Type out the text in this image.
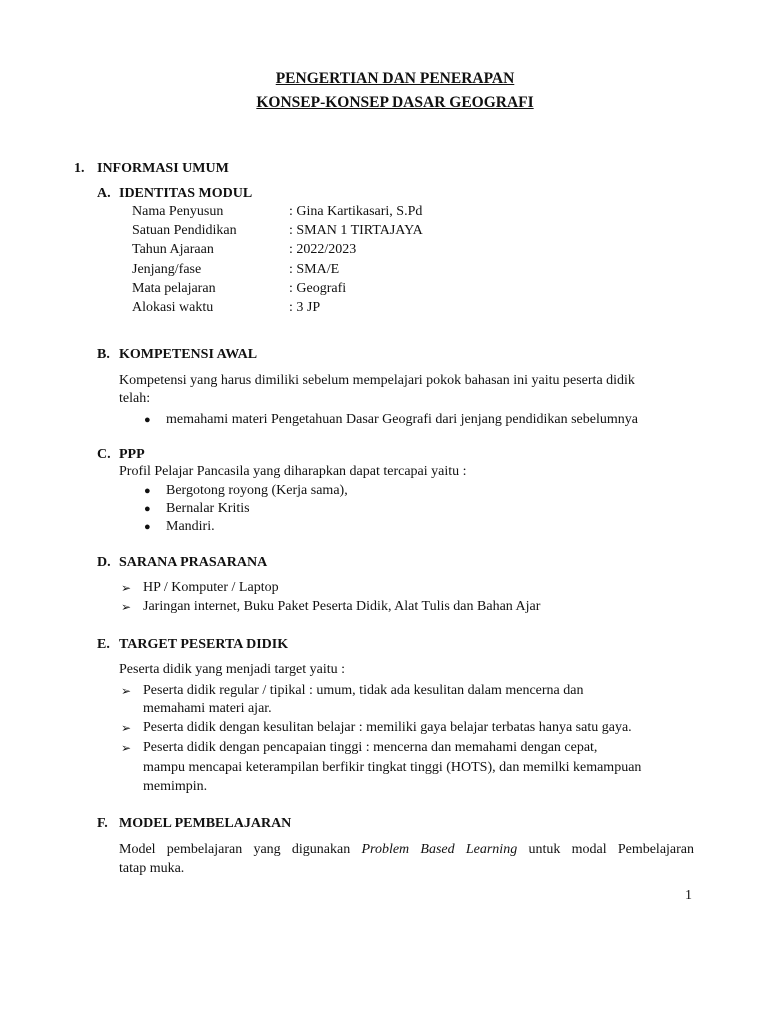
PENGERTIAN DAN PENERAPAN
KONSEP-KONSEP DASAR GEOGRAFI
1. INFORMASI UMUM
A. IDENTITAS MODUL
Nama Penyusun	: Gina Kartikasari, S.Pd
Satuan Pendidikan	: SMAN 1 TIRTAJAYA
Tahun Ajaraan	: 2022/2023
Jenjang/fase	: SMA/E
Mata pelajaran	: Geografi
Alokasi waktu	: 3 JP
B. KOMPETENSI AWAL
Kompetensi yang harus dimiliki sebelum mempelajari pokok bahasan ini yaitu peserta didik
telah:
● memahami materi Pengetahuan Dasar Geografi dari jenjang pendidikan sebelumnya
C. PPP
Profil Pelajar Pancasila yang diharapkan dapat tercapai yaitu :
● Bergotong royong (Kerja sama),
● Bernalar Kritis
● Mandiri.
D. SARANA PRASARANA
➢ HP / Komputer / Laptop
➢ Jaringan internet, Buku Paket Peserta Didik, Alat Tulis dan Bahan Ajar
E. TARGET PESERTA DIDIK
Peserta didik yang menjadi target yaitu :
➢ Peserta didik regular / tipikal : umum, tidak ada kesulitan dalam mencerna dan
memahami materi ajar.
➢ Peserta didik dengan kesulitan belajar : memiliki gaya belajar terbatas hanya satu gaya.
➢ Peserta didik dengan pencapaian tinggi : mencerna dan memahami dengan cepat,
mampu mencapai keterampilan berfikir tingkat tinggi (HOTS), dan memilki kemampuan
memimpin.
F. MODEL PEMBELAJARAN
Model pembelajaran yang digunakan Problem Based Learning untuk modal Pembelajaran
tatap muka.
1
